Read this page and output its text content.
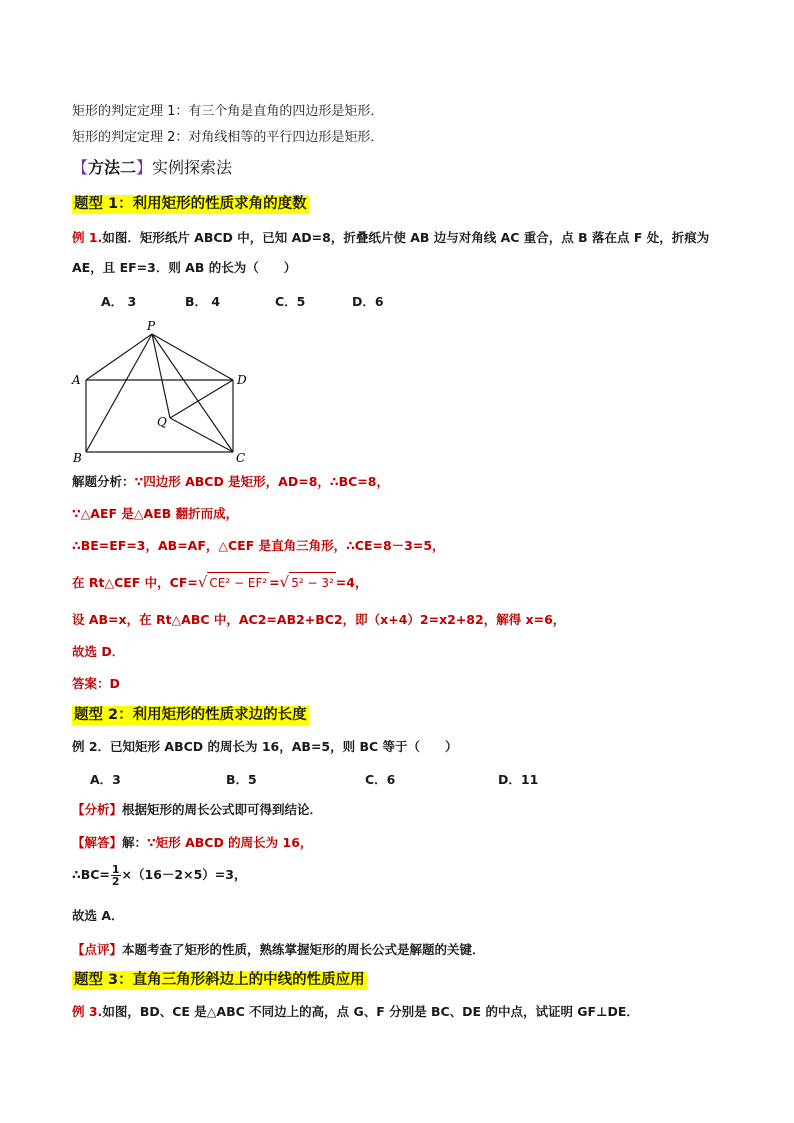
矩形的判定定理 1：有三个角是直角的四边形是矩形．
矩形的判定定理 2：对角线相等的平行四边形是矩形．
【方法二】实例探索法
题型 1：利用矩形的性质求角的度数
例 1.如图．矩形纸片 ABCD 中，已知 AD=8，折叠纸片使 AB 边与对角线 AC 重合，点 B 落在点 F 处，折痕为
AE，且 EF=3．则 AB 的长为（　　）
A． 3	B． 4	C．5	D．6
P
A	D
Q
B	C
解题分析：∵四边形 ABCD 是矩形，AD=8，∴BC=8，
∵△AEF 是△AEB 翻折而成，
∴BE=EF=3，AB=AF，△CEF 是直角三角形，∴CE=8－3=5，
在 Rt△CEF 中，CF=√ CE² − EF² =√ 5² − 3² =4，
设 AB=x，在 Rt△ABC 中，AC2=AB2+BC2，即（x+4）2=x2+82，解得 x=6，
故选 D．
答案：D
题型 2：利用矩形的性质求边的长度
例 2．已知矩形 ABCD 的周长为 16，AB=5，则 BC 等于（　　）
A．3	B．5	C．6	D．11
【分析】根据矩形的周长公式即可得到结论．
【解答】解：∵矩形 ABCD 的周长为 16，
∴BC= $\frac{1}{2} \times(16-2\times 5)=3$，
故选 A．
【点评】本题考查了矩形的性质，熟练掌握矩形的周长公式是解题的关键．
题型 3：直角三角形斜边上的中线的性质应用
例 3.如图，BD、CE 是△ABC 不同边上的高，点 G、F 分别是 BC、DE 的中点，试证明 GF⊥DE．
